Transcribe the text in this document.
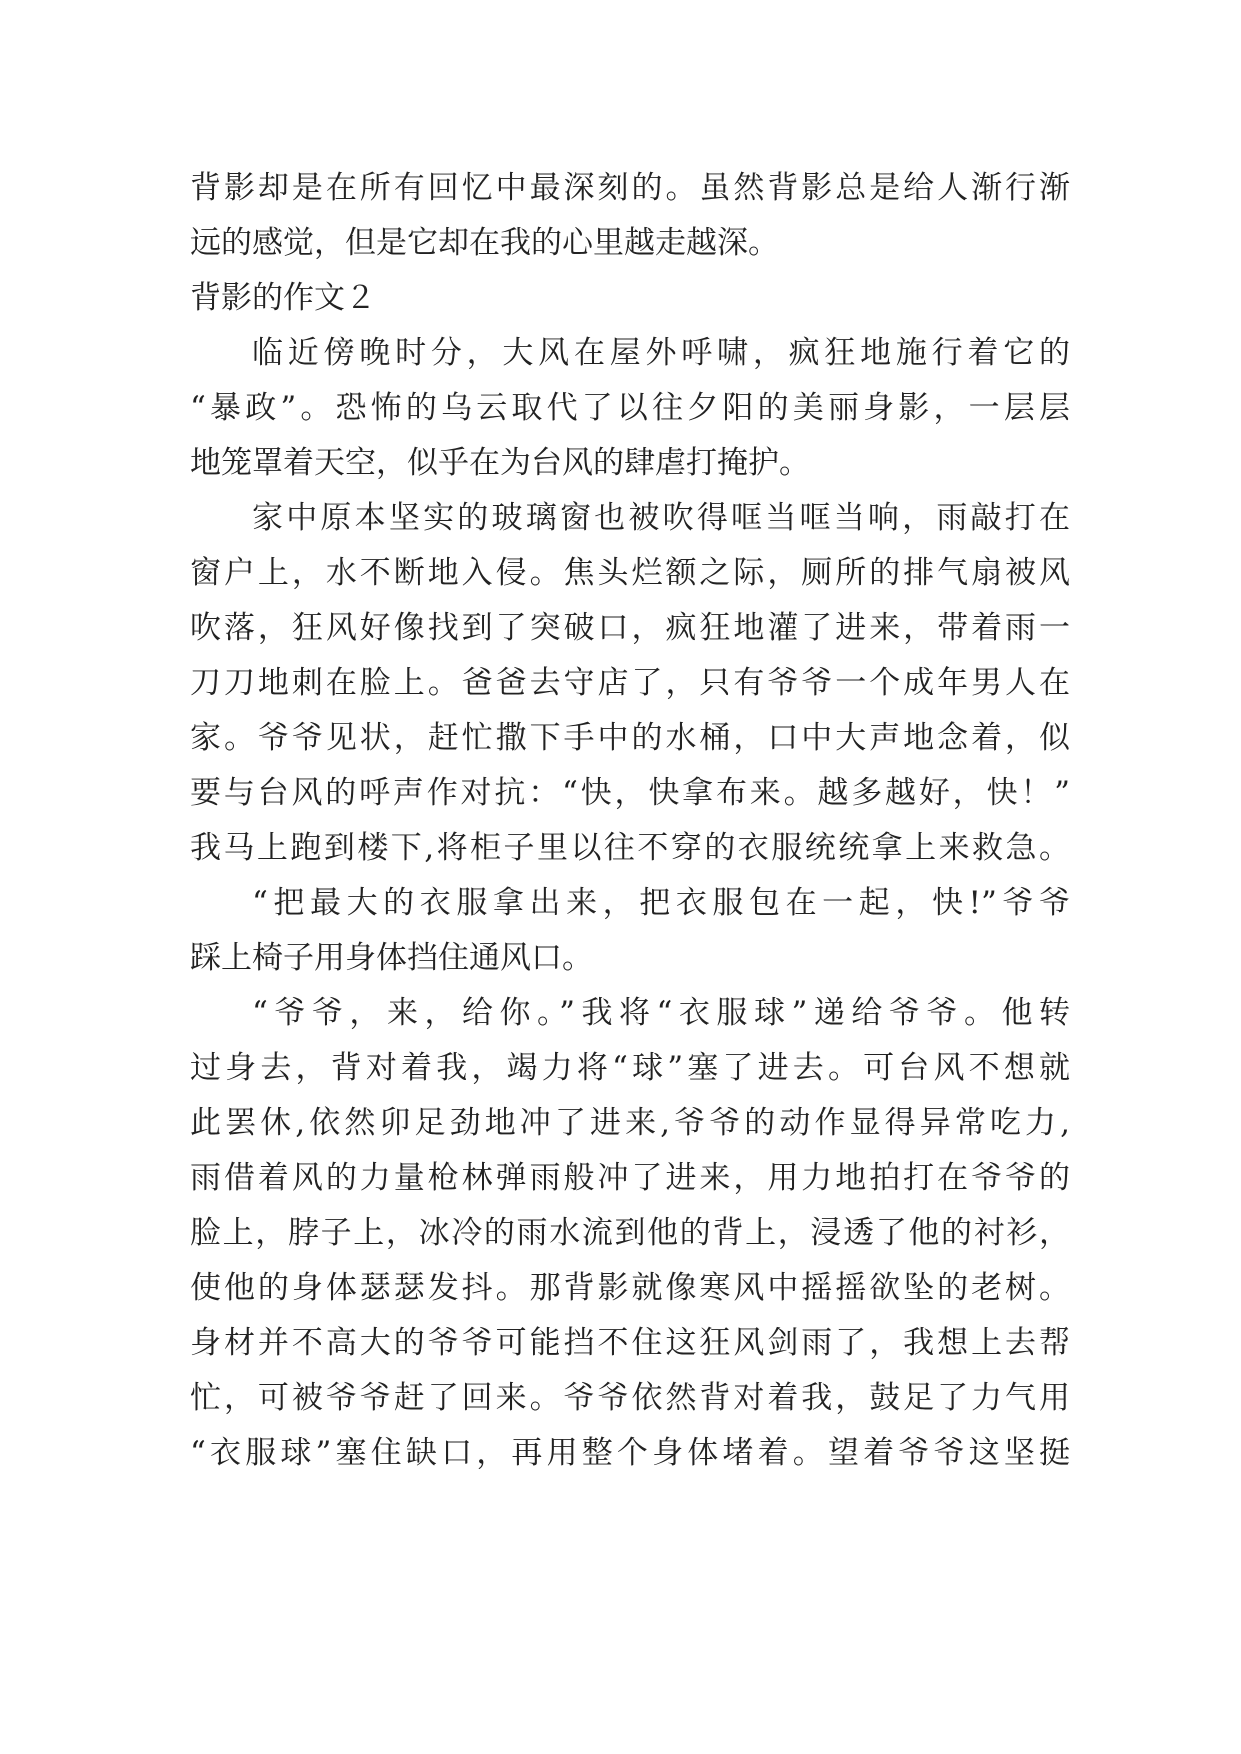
背影却是在所有回忆中最深刻的。虽然背影总是给人渐行渐
远的感觉，但是它却在我的心里越走越深。
背影的作文２
临近傍晚时分，大风在屋外呼啸，疯狂地施行着它的
“暴政”。恐怖的乌云取代了以往夕阳的美丽身影，一层层
地笼罩着天空，似乎在为台风的肆虐打掩护。
家中原本坚实的玻璃窗也被吹得哐当哐当响，雨敲打在
窗户上，水不断地入侵。焦头烂额之际，厕所的排气扇被风
吹落，狂风好像找到了突破口，疯狂地灌了进来，带着雨一
刀刀地刺在脸上。爸爸去守店了，只有爷爷一个成年男人在
家。爷爷见状，赶忙撒下手中的水桶，口中大声地念着，似
要与台风的呼声作对抗：“快，快拿布来。越多越好，快！”
我马上跑到楼下,将柜子里以往不穿的衣服统统拿上来救急。
“把最大的衣服拿出来，把衣服包在一起，快!”爷爷
踩上椅子用身体挡住通风口。
“爷爷，来，给你。”我将“衣服球”递给爷爷。他转
过身去，背对着我，竭力将“球”塞了进去。可台风不想就
此罢休,依然卯足劲地冲了进来,爷爷的动作显得异常吃力,
雨借着风的力量枪林弹雨般冲了进来，用力地拍打在爷爷的
脸上，脖子上，冰冷的雨水流到他的背上，浸透了他的衬衫，
使他的身体瑟瑟发抖。那背影就像寒风中摇摇欲坠的老树。
身材并不高大的爷爷可能挡不住这狂风剑雨了，我想上去帮
忙，可被爷爷赶了回来。爷爷依然背对着我，鼓足了力气用
“衣服球”塞住缺口，再用整个身体堵着。望着爷爷这坚挺
